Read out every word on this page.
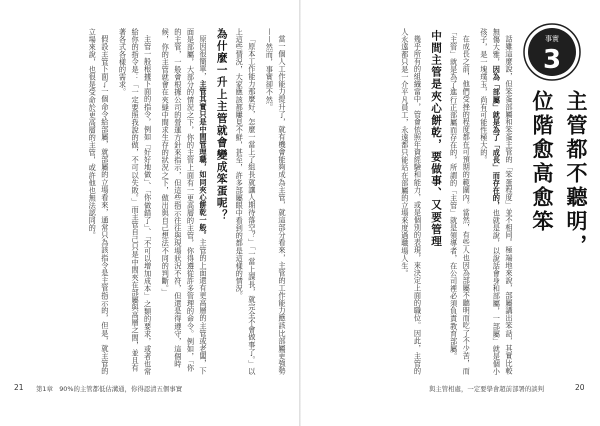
當一個人工作能力提升了，就有機會能夠成為主管，就這部分看來，主管的工作能力應該比部屬更強勢——然而，事實卻不然。

「原本工作能力那麼好，怎麼一當上了組長就讓人期待落空？」「一當上課長，就完全不會做事了。」以上這些情況，大家應該都屢見不鮮，甚至，許多部屬眼中看到的都是這樣的情況。

為什麼一升上主管就會變成笨蛋呢？

原因很簡單，主管其實只是中間管理職，如同夾心餅乾一般。主管的上面還有更高層的主管或老闆，下面是部屬，大部分的情況之下，你的主管上面有一更高層的主管，你得遵從許多管理的命令。例如，「你的主管，一般會根據公司的營運方針來指示，但這些指示往往與現場狀況不符，但還是得遵守，這個時候，你的主管就會在夾縫中間求生存的狀況之下，做出與自己想法不同的判斷。」

主管一般根據下面的指令，例如「好好地做」、「你做錯了」、「不可以增加成本」之類的要求，或者也常給你的指令是：「一定要照我說的做，不可以失敗。」而主管自己只是中間夾在部屬與高層之間，並且有著各式各樣的需求。

假設主管下面了一個命令給部屬，就部屬的立場看來，通常只為該指令是主管指示的，但是，就主管的立場來說，也很是受命於更高層的主管，或許他也無法認同的。

21 第1章　90%的主管都低估溝通，你得認清五個事實

話雖這麼說，但笨蛋部屬和笨蛋主管的「笨蛋程度」並不相同。極端地來說，部屬講出笨話，其實比較無傷大雅，因為「部屬」就是為了「成長」而存在的，也就是說，以說話會身和部屬，一部屬」就是個小孩子，是一塊璞玉，尚有可能性極大的。

在成長之前，他們受挫的程度都在可預期的範圍內。當然，有些人也因為部屬不聽明而吃了不少苦，而「主管」就是為了進行正部屬而存在的，所謂的「主管」就是領導者，在公司裡必須負責教育部屬。

中間主管是夾心餅乾，要做事、又要管理

幾乎所有的組織當中，管會依照年資經驗和能力，或是個別的表現，來決定上面的職位。因此，主管的人永遠都只是一介平凡員工，永遠都只能站在部屬的立場來度過職場人生。	事實
3
主管都不聽明，
位階愈高愈笨
與主管相處，一定要學會超前部署的談判	20
